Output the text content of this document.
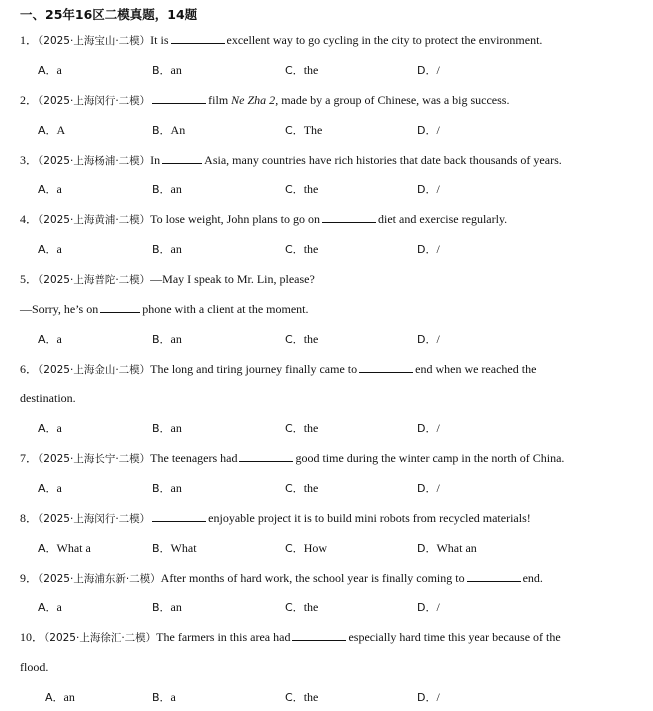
一、25年16区二模真题，14题
1．（2025·上海宝山·二模）It is	excellent way to go cycling in the city to protect the environment.
A．a	B．an	C．the	D．/
2．（2025·上海闵行·二模）	film Ne Zha 2, made by a group of Chinese, was a big success.
A．A	B．An	C．The	D．/
3．（2025·上海杨浦·二模）In	Asia, many countries have rich histories that date back thousands of years.
A．a	B．an	C．the	D．/
4．（2025·上海黄浦·二模）To lose weight, John plans to go on	diet and exercise regularly.
A．a	B．an	C．the	D．/
5．（2025·上海普陀·二模）—May I speak to Mr. Lin, please?
—Sorry, he’s on	phone with a client at the moment.
A．a	B．an	C．the	D．/
6．（2025·上海金山·二模）The long and tiring journey finally came to	end when we reached the
destination.
A．a	B．an	C．the	D．/
7．（2025·上海长宁·二模）The teenagers had	good time during the winter camp in the north of China.
A．a	B．an	C．the	D．/
8．（2025·上海闵行·二模）	enjoyable project it is to build mini robots from recycled materials!
A．What a	B．What	C．How	D．What an
9．（2025·上海浦东新·二模）After months of hard work, the school year is finally coming to	end.
A．a	B．an	C．the	D．/
10．（2025·上海徐汇·二模）The farmers in this area had	especially hard time this year because of the
flood.
A．an	B．a	C．the	D．/
